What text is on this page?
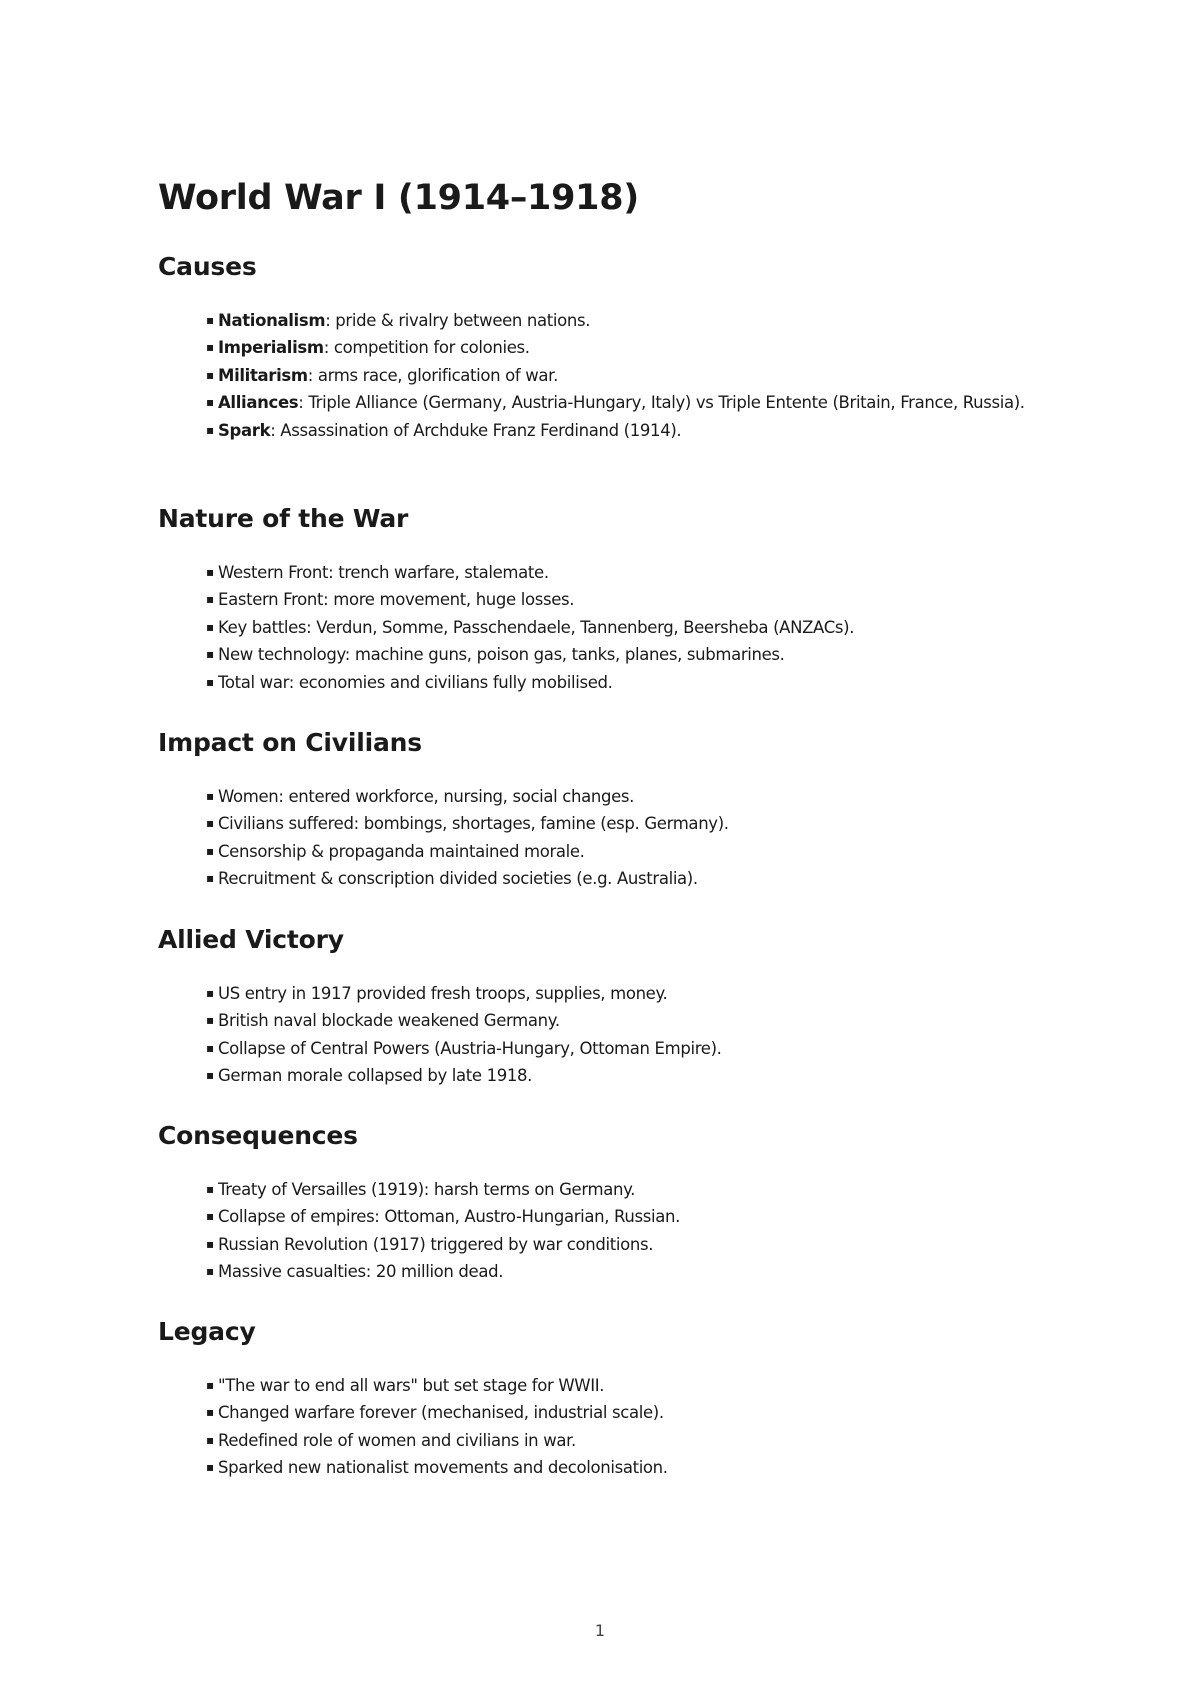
World War I (1914–1918)
Causes
▪ Nationalism: pride & rivalry between nations.
▪ Imperialism: competition for colonies.
▪ Militarism: arms race, glorification of war.
▪ Alliances: Triple Alliance (Germany, Austria-Hungary, Italy) vs Triple Entente (Britain, France, Russia).
▪ Spark: Assassination of Archduke Franz Ferdinand (1914).
Nature of the War
▪ Western Front: trench warfare, stalemate.
▪ Eastern Front: more movement, huge losses.
▪ Key battles: Verdun, Somme, Passchendaele, Tannenberg, Beersheba (ANZACs).
▪ New technology: machine guns, poison gas, tanks, planes, submarines.
▪ Total war: economies and civilians fully mobilised.
Impact on Civilians
▪ Women: entered workforce, nursing, social changes.
▪ Civilians suffered: bombings, shortages, famine (esp. Germany).
▪ Censorship & propaganda maintained morale.
▪ Recruitment & conscription divided societies (e.g. Australia).
Allied Victory
▪ US entry in 1917 provided fresh troops, supplies, money.
▪ British naval blockade weakened Germany.
▪ Collapse of Central Powers (Austria-Hungary, Ottoman Empire).
▪ German morale collapsed by late 1918.
Consequences
▪ Treaty of Versailles (1919): harsh terms on Germany.
▪ Collapse of empires: Ottoman, Austro-Hungarian, Russian.
▪ Russian Revolution (1917) triggered by war conditions.
▪ Massive casualties: 20 million dead.
Legacy
▪ "The war to end all wars" but set stage for WWII.
▪ Changed warfare forever (mechanised, industrial scale).
▪ Redefined role of women and civilians in war.
▪ Sparked new nationalist movements and decolonisation.
1
